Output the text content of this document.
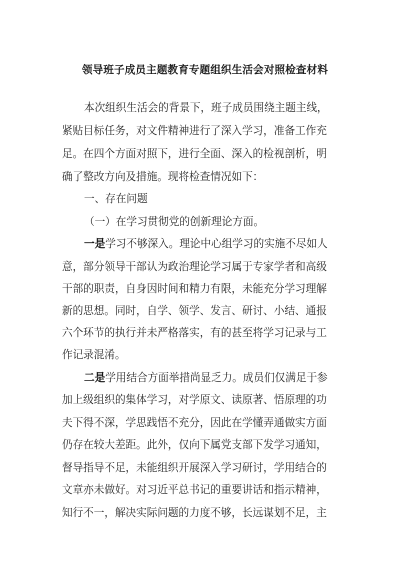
领导班子成员主题教育专题组织生活会对照检查材料
本次组织生活会的背景下，班子成员围绕主题主线，
紧贴目标任务，对文件精神进行了深入学习，准备工作充
足。在四个方面对照下，进行全面、深入的检视剖析，明
确了整改方向及措施。现将检查情况如下：
一、存在问题
（一）在学习贯彻党的创新理论方面。
一是学习不够深入。理论中心组学习的实施不尽如人
意，部分领导干部认为政治理论学习属于专家学者和高级
干部的职责，自身因时间和精力有限，未能充分学习理解
新的思想。同时，自学、领学、发言、研讨、小结、通报
六个环节的执行并未严格落实，有的甚至将学习记录与工
作记录混淆。
二是学用结合方面举措尚显乏力。成员们仅满足于参
加上级组织的集体学习，对学原文、读原著、悟原理的功
夫下得不深，学思践悟不充分，因此在学懂弄通做实方面
仍存在较大差距。此外，仅向下属党支部下发学习通知，
督导指导不足，未能组织开展深入学习研讨，学用结合的
文章亦未做好。对习近平总书记的重要讲话和指示精神，
知行不一，解决实际问题的力度不够，长远谋划不足，主
